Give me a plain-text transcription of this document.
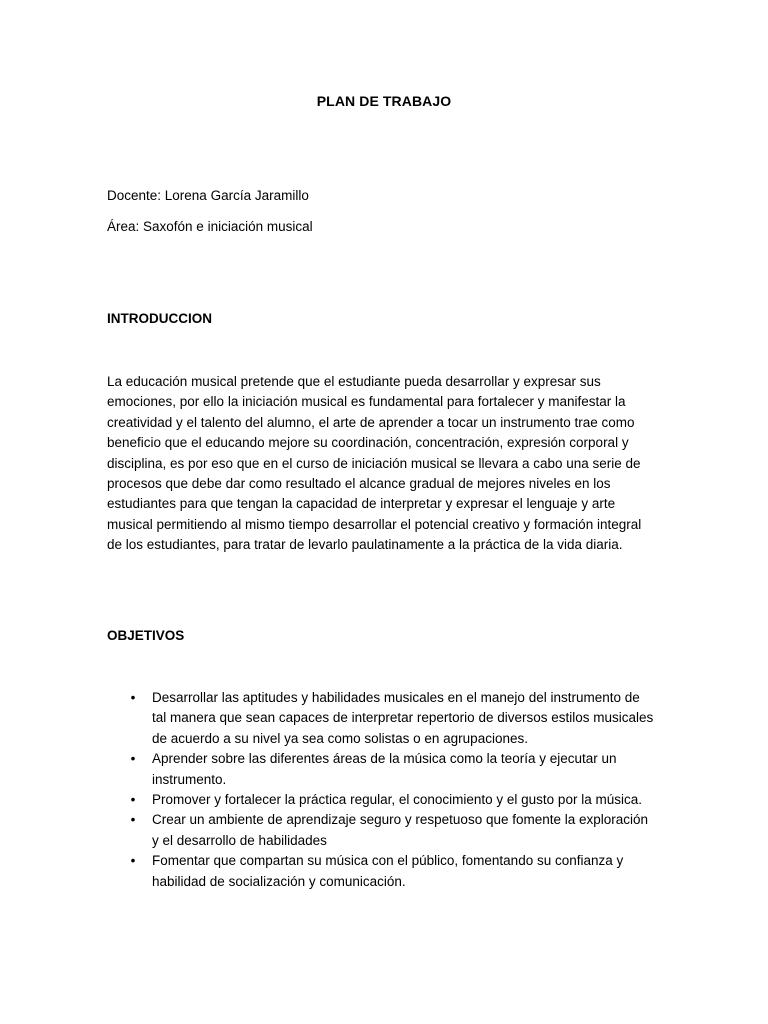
PLAN DE TRABAJO
Docente: Lorena García Jaramillo
Área: Saxofón e iniciación musical
INTRODUCCION

La educación musical pretende que el estudiante pueda desarrollar y expresar sus
emociones, por ello la iniciación musical es fundamental para fortalecer y manifestar la
creatividad y el talento del alumno, el arte de aprender a tocar un instrumento trae como
beneficio que el educando mejore su coordinación, concentración, expresión corporal y
disciplina, es por eso que en el curso de iniciación musical se llevara a cabo una serie de
procesos que debe dar como resultado el alcance gradual de mejores niveles en los
estudiantes para que tengan la capacidad de interpretar y expresar el lenguaje y arte
musical permitiendo al mismo tiempo desarrollar el potencial creativo y formación integral
de los estudiantes, para tratar de levarlo paulatinamente a la práctica de la vida diaria.

OBJETIVOS
• Desarrollar las aptitudes y habilidades musicales en el manejo del instrumento de
tal manera que sean capaces de interpretar repertorio de diversos estilos musicales
de acuerdo a su nivel ya sea como solistas o en agrupaciones.
• Aprender sobre las diferentes áreas de la música como la teoría y ejecutar un
instrumento.
• Promover y fortalecer la práctica regular, el conocimiento y el gusto por la música.
• Crear un ambiente de aprendizaje seguro y respetuoso que fomente la exploración
y el desarrollo de habilidades
• Fomentar que compartan su música con el público, fomentando su confianza y
habilidad de socialización y comunicación.
